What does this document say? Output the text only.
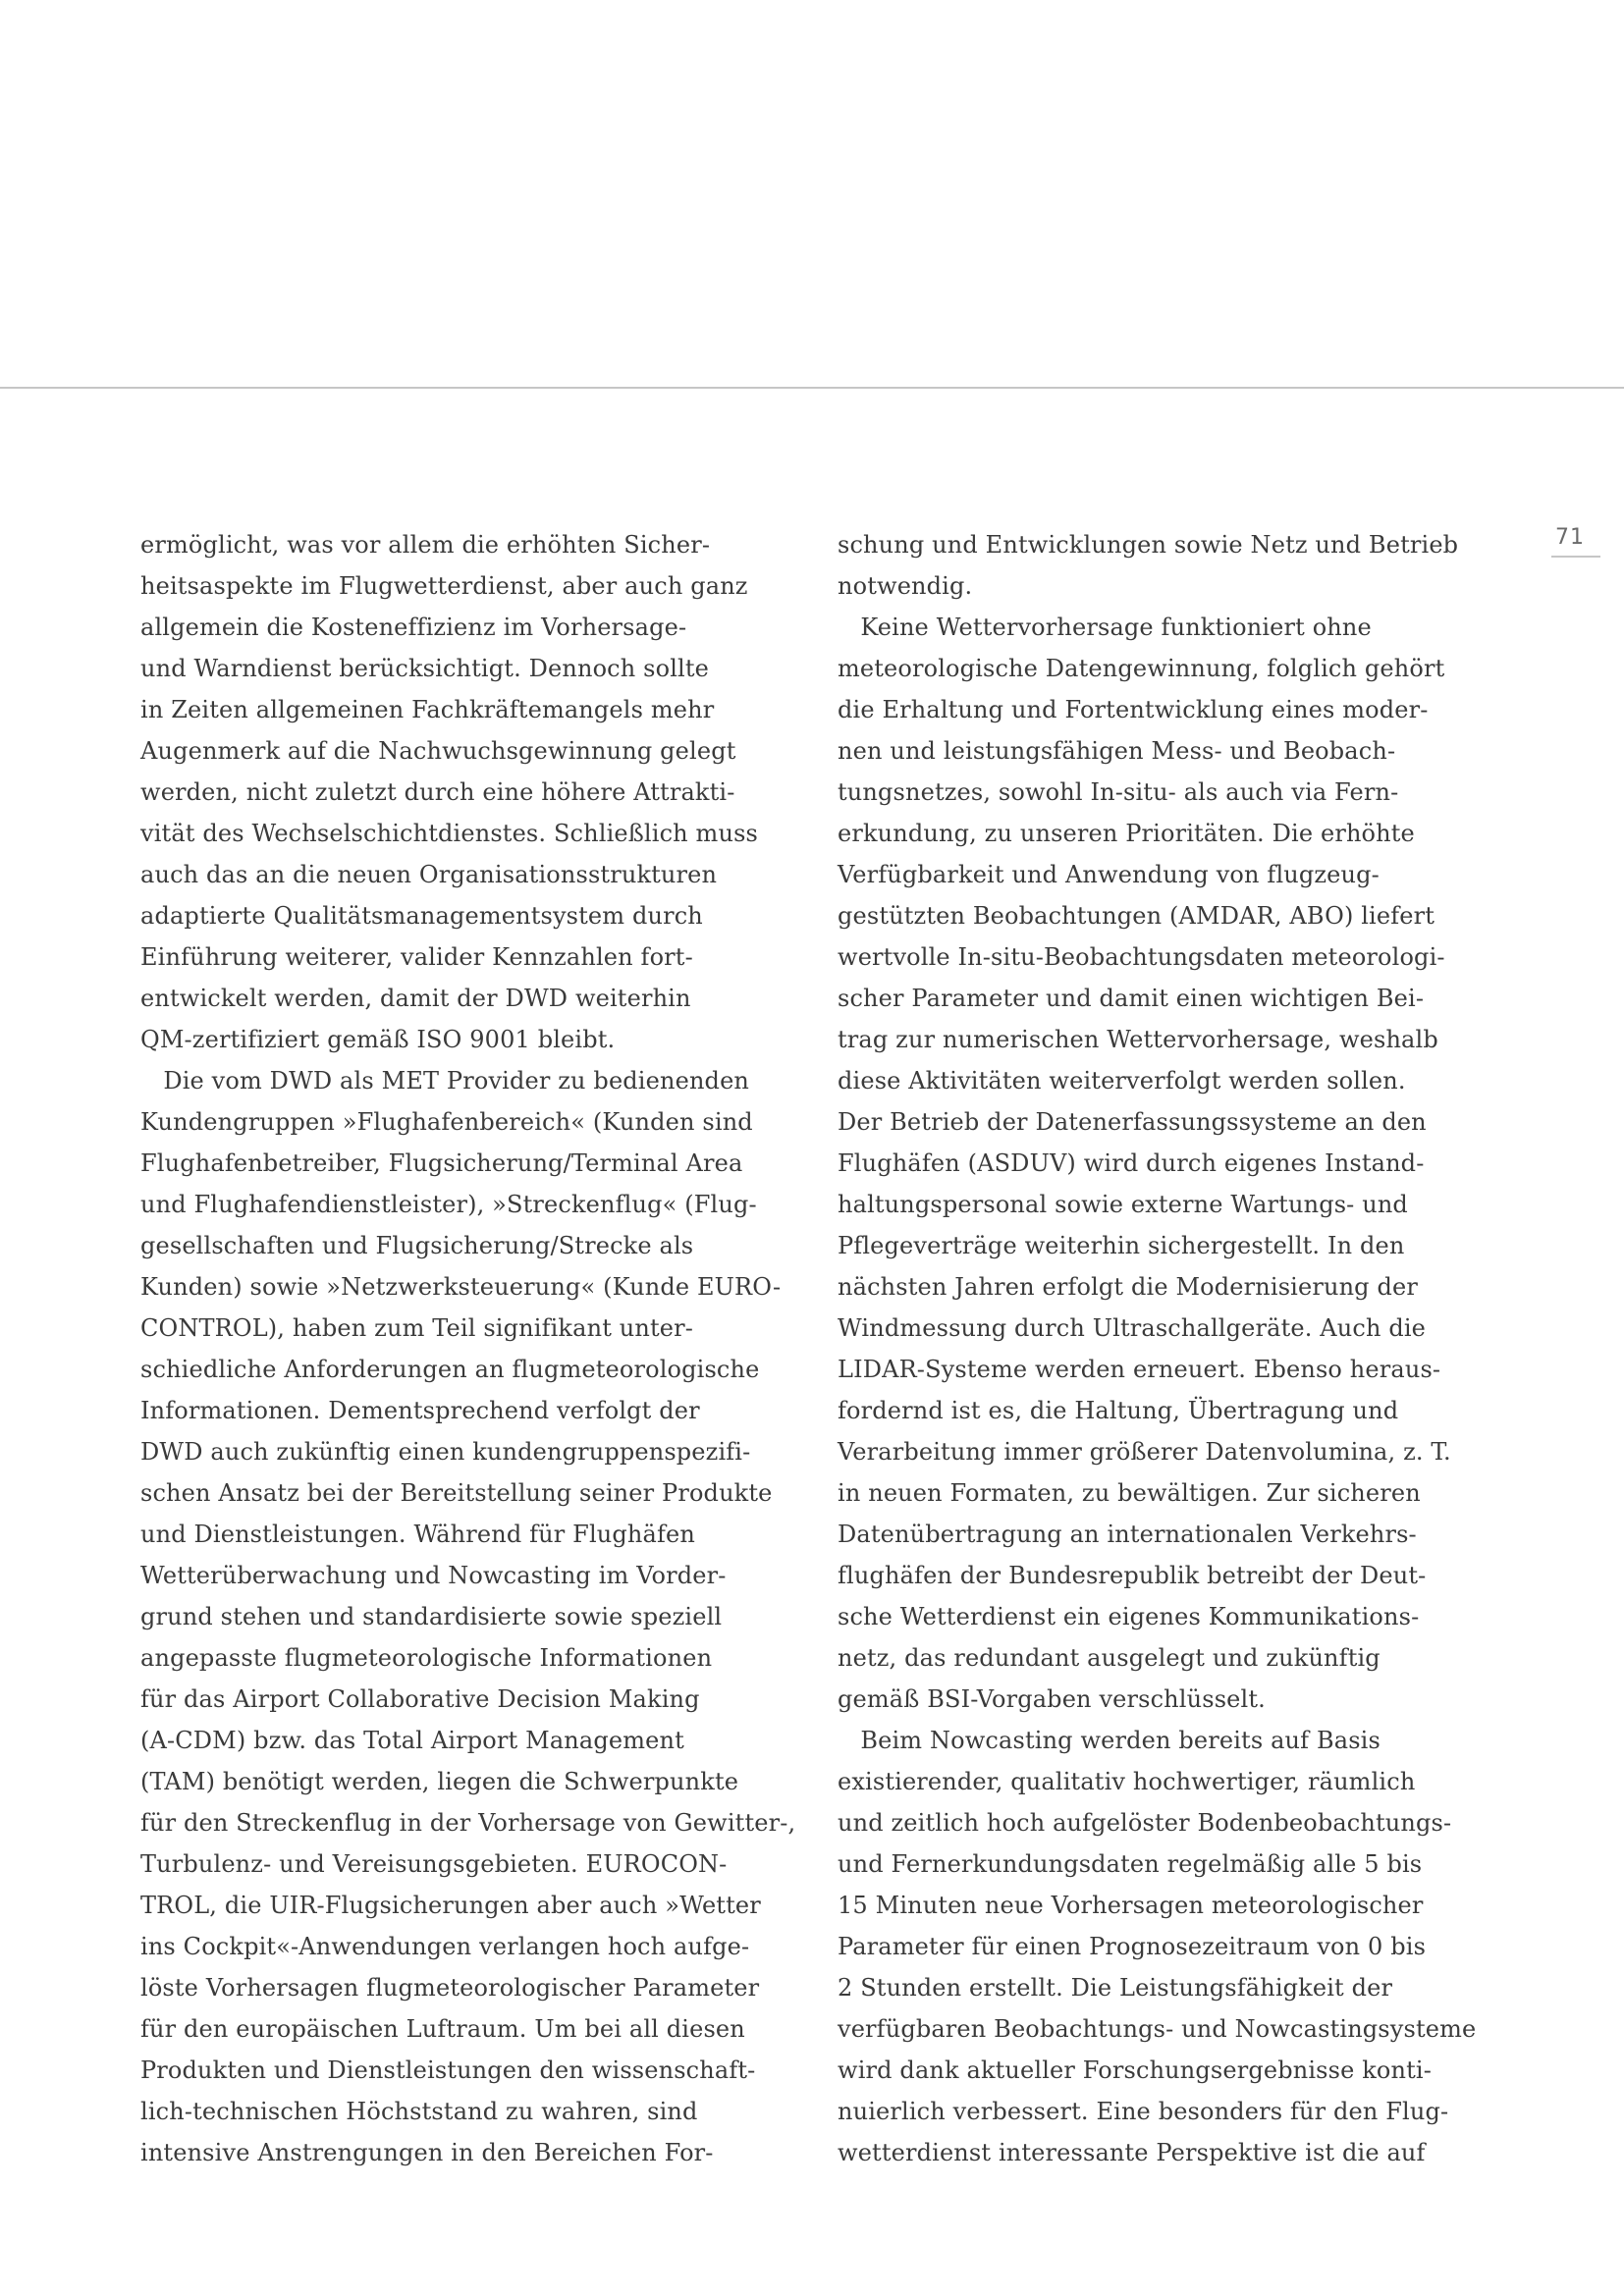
71
ermöglicht, was vor allem die erhöhten Sicher-
heitsaspekte im Flugwetterdienst, aber auch ganz
allgemein die Kosteneffizienz im Vorhersage-
und Warndienst berücksichtigt. Dennoch sollte
in Zeiten allgemeinen Fachkräftemangels mehr
Augenmerk auf die Nachwuchsgewinnung gelegt
werden, nicht zuletzt durch eine höhere Attrakti-
vität des Wechselschichtdienstes. Schließlich muss
auch das an die neuen Organisationsstrukturen
adaptierte Qualitätsmanagementsystem durch
Einführung weiterer, valider Kennzahlen fort-
entwickelt werden, damit der DWD weiterhin
QM-zertifiziert gemäß ISO 9001 bleibt.
Die vom DWD als MET Provider zu bedienenden
Kundengruppen »Flughafenbereich« (Kunden sind
Flughafenbetreiber, Flugsicherung/Terminal Area
und Flughafendienstleister), »Streckenflug« (Flug-
gesellschaften und Flugsicherung/Strecke als
Kunden) sowie »Netzwerksteuerung« (Kunde EURO-
CONTROL), haben zum Teil signifikant unter-
schiedliche Anforderungen an flugmeteorologische
Informationen. Dementsprechend verfolgt der
DWD auch zukünftig einen kundengruppenspezifi-
schen Ansatz bei der Bereitstellung seiner Produkte
und Dienstleistungen. Während für Flughäfen
Wetterüberwachung und Nowcasting im Vorder-
grund stehen und standardisierte sowie speziell
angepasste flugmeteorologische Informationen
für das Airport Collaborative Decision Making
(A-CDM) bzw. das Total Airport Management
(TAM) benötigt werden, liegen die Schwerpunkte
für den Streckenflug in der Vorhersage von Gewitter-,
Turbulenz- und Vereisungsgebieten. EUROCON-
TROL, die UIR-Flugsicherungen aber auch »Wetter
ins Cockpit«-Anwendungen verlangen hoch aufge-
löste Vorhersagen flugmeteorologischer Parameter
für den europäischen Luftraum. Um bei all diesen
Produkten und Dienstleistungen den wissenschaft-
lich-technischen Höchststand zu wahren, sind
intensive Anstrengungen in den Bereichen For-
schung und Entwicklungen sowie Netz und Betrieb
notwendig.
Keine Wettervorhersage funktioniert ohne
meteorologische Datengewinnung, folglich gehört
die Erhaltung und Fortentwicklung eines moder-
nen und leistungsfähigen Mess- und Beobach-
tungsnetzes, sowohl In-situ- als auch via Fern-
erkundung, zu unseren Prioritäten. Die erhöhte
Verfügbarkeit und Anwendung von flugzeug-
gestützten Beobachtungen (AMDAR, ABO) liefert
wertvolle In-situ-Beobachtungsdaten meteorologi-
scher Parameter und damit einen wichtigen Bei-
trag zur numerischen Wettervorhersage, weshalb
diese Aktivitäten weiterverfolgt werden sollen.
Der Betrieb der Datenerfassungssysteme an den
Flughäfen (ASDUV) wird durch eigenes Instand-
haltungspersonal sowie externe Wartungs- und
Pflegeverträge weiterhin sichergestellt. In den
nächsten Jahren erfolgt die Modernisierung der
Windmessung durch Ultraschallgeräte. Auch die
LIDAR-Systeme werden erneuert. Ebenso heraus-
fordernd ist es, die Haltung, Übertragung und
Verarbeitung immer größerer Datenvolumina, z. T.
in neuen Formaten, zu bewältigen. Zur sicheren
Datenübertragung an internationalen Verkehrs-
flughäfen der Bundesrepublik betreibt der Deut-
sche Wetterdienst ein eigenes Kommunikations-
netz, das redundant ausgelegt und zukünftig
gemäß BSI-Vorgaben verschlüsselt.
Beim Nowcasting werden bereits auf Basis
existierender, qualitativ hochwertiger, räumlich
und zeitlich hoch aufgelöster Bodenbeobachtungs-
und Fernerkundungsdaten regelmäßig alle 5 bis
15 Minuten neue Vorhersagen meteorologischer
Parameter für einen Prognosezeitraum von 0 bis
2 Stunden erstellt. Die Leistungsfähigkeit der
verfügbaren Beobachtungs- und Nowcastingsysteme
wird dank aktueller Forschungsergebnisse konti-
nuierlich verbessert. Eine besonders für den Flug-
wetterdienst interessante Perspektive ist die auf
